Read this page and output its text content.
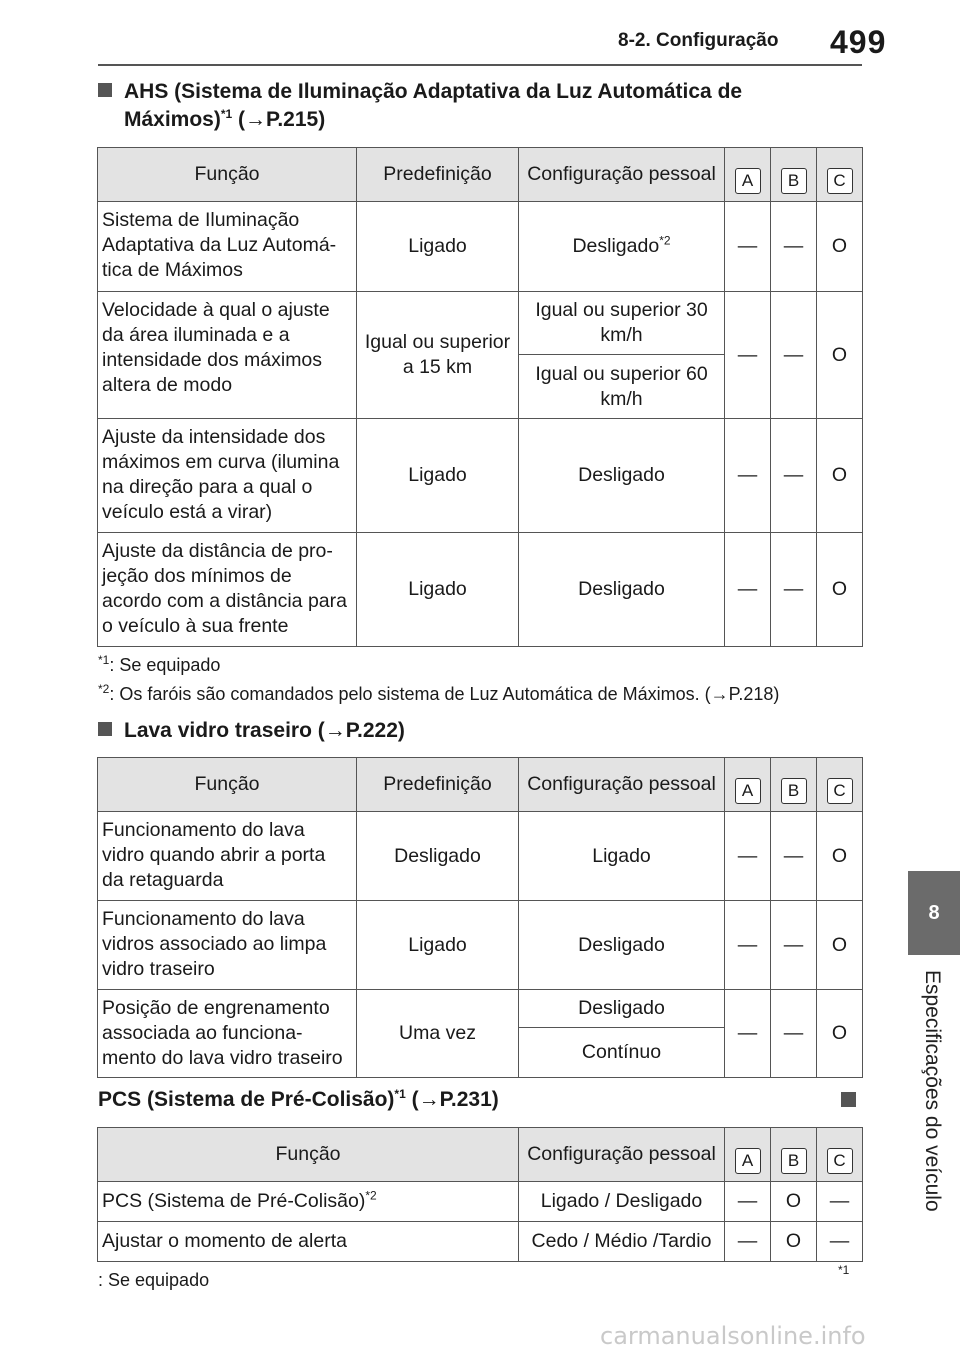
8-2. Configuração 499
8
Especificações do veículo
AHS (Sistema de Iluminação Adaptativa da Luz Automática de
Máximos)$^{*1}$ (→P.215)
Função	Predefinição	Configuração pessoal	A	B	C
Sistema de Iluminação Adaptativa da Luz Automá-tica de Máximos	Ligado	Desligado$^{*2}$	—	—	O
Velocidade à qual o ajuste da área iluminada e a intensidade dos máximos altera de modo	Igual ou superior a 15 km	Igual ou superior 30 km/h	—	—	O
		Igual ou superior 60 km/h			
Ajuste da intensidade dos máximos em curva (ilumina na direção para a qual o veículo está a virar)	Ligado	Desligado	—	—	O
Ajuste da distância de pro-jeção dos mínimos de acordo com a distância para o veículo à sua frente	Ligado	Desligado	—	—	O
$^{*1}$: Se equipado
$^{*2}$: Os faróis são comandados pelo sistema de Luz Automática de Máximos. (→P.218)
Lava vidro traseiro (→P.222)
Função	Predefinição	Configuração pessoal	A	B	C
Funcionamento do lava vidro quando abrir a porta da retaguarda	Desligado	Ligado	—	—	O
Funcionamento do lava vidros associado ao limpa vidro traseiro	Ligado	Desligado	—	—	O
Posição de engrenamento associada ao funciona-mento do lava vidro traseiro	Uma vez	Desligado	—	—	O
		Contínuo			
PCS (Sistema de Pré-Colisão)$^{*1}$ (→P.231)
Função	Configuração pessoal	A	B	C
PCS (Sistema de Pré-Colisão)$^{*2}$	Ligado / Desligado	—	O	—
Ajustar o momento de alerta	Cedo / Médio /Tardio	—	O	—
: Se equipado	*1
carmanualsonline.info
